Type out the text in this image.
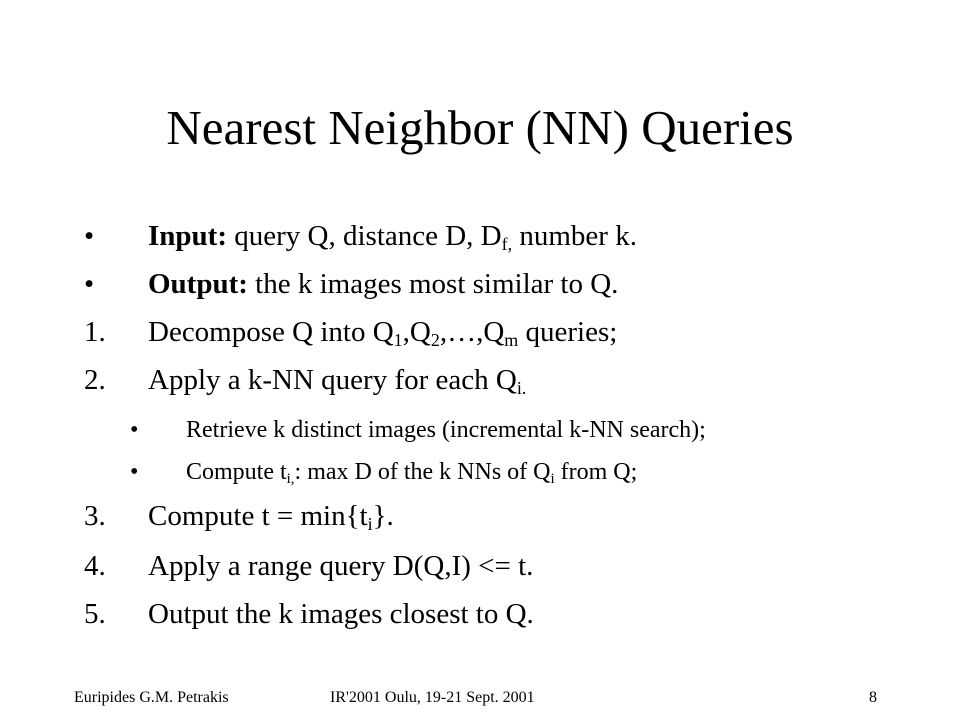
Nearest Neighbor (NN) Queries
• Input: query Q, distance D, $D_{f,}$ number k.
• Output: the k images most similar to Q.
1. Decompose Q into $Q_1,Q_2,\dots,Q_m$ queries;
2. Apply a k-NN query for each $Q_{i.}$
• Retrieve k distinct images (incremental k-NN search);
• Compute $t_{i,}$: max D of the k NNs of $Q_i$ from Q;
3. Compute $t = \min\{t_i\}$.
4. Apply a range query D(Q,I) <= t.
5. Output the k images closest to Q.
Euripides G.M. Petrakis	IR'2001 Oulu, 19-21 Sept. 2001	8
